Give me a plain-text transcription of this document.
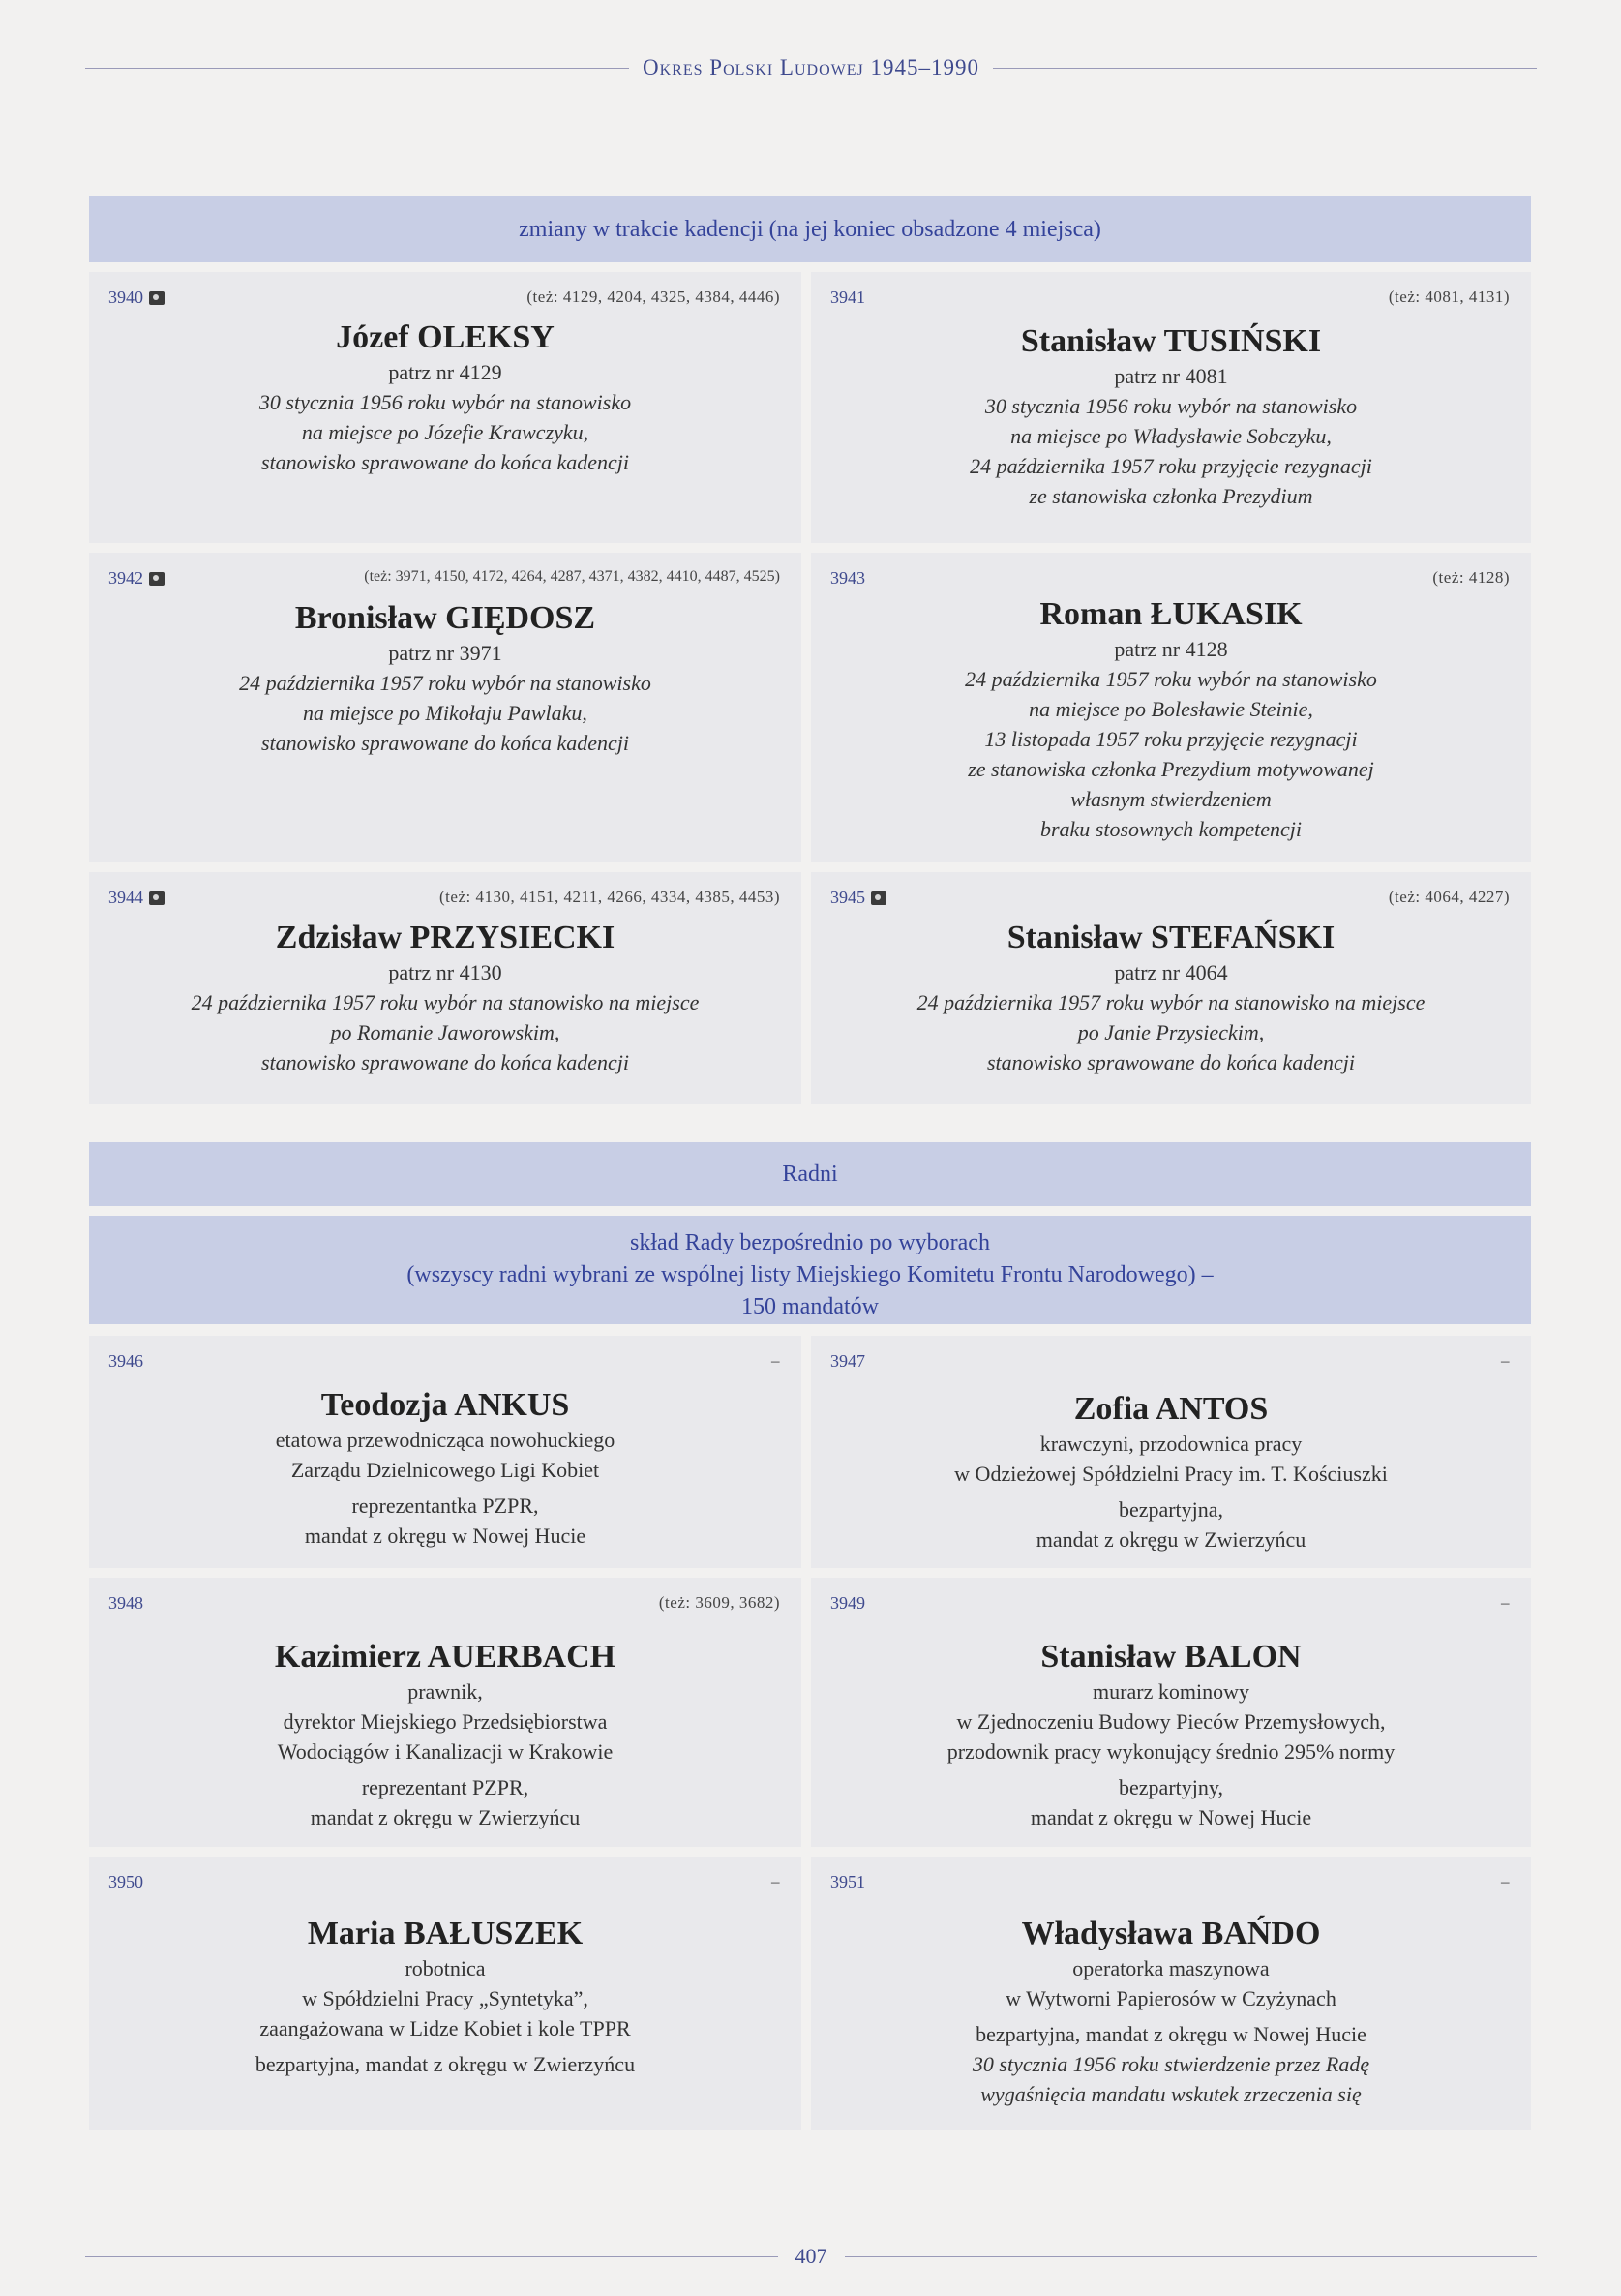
Okres Polski Ludowej 1945–1990
zmiany w trakcie kadencji (na jej koniec obsadzone 4 miejsca)
3940	(też: 4129, 4204, 4325, 4384, 4446)
Józef OLEKSY
patrz nr 4129
30 stycznia 1956 roku wybór na stanowisko
na miejsce po Józefie Krawczyku,
stanowisko sprawowane do końca kadencji
3941	(też: 4081, 4131)
Stanisław TUSIŃSKI
patrz nr 4081
30 stycznia 1956 roku wybór na stanowisko
na miejsce po Władysławie Sobczyku,
24 października 1957 roku przyjęcie rezygnacji
ze stanowiska członka Prezydium
3942	(też: 3971, 4150, 4172, 4264, 4287, 4371, 4382, 4410, 4487, 4525)
Bronisław GIĘDOSZ
patrz nr 3971
24 października 1957 roku wybór na stanowisko
na miejsce po Mikołaju Pawlaku,
stanowisko sprawowane do końca kadencji
3943	(też: 4128)
Roman ŁUKASIK
patrz nr 4128
24 października 1957 roku wybór na stanowisko
na miejsce po Bolesławie Steinie,
13 listopada 1957 roku przyjęcie rezygnacji
ze stanowiska członka Prezydium motywowanej
własnym stwierdzeniem
braku stosownych kompetencji
3944	(też: 4130, 4151, 4211, 4266, 4334, 4385, 4453)
Zdzisław PRZYSIECKI
patrz nr 4130
24 października 1957 roku wybór na stanowisko na miejsce
po Romanie Jaworowskim,
stanowisko sprawowane do końca kadencji
3945	(też: 4064, 4227)
Stanisław STEFAŃSKI
patrz nr 4064
24 października 1957 roku wybór na stanowisko na miejsce
po Janie Przysieckim,
stanowisko sprawowane do końca kadencji
Radni
skład Rady bezpośrednio po wyborach
(wszyscy radni wybrani ze wspólnej listy Miejskiego Komitetu Frontu Narodowego) –
150 mandatów
3946	–
Teodozja ANKUS
etatowa przewodnicząca nowohuckiego
Zarządu Dzielnicowego Ligi Kobiet
reprezentantka PZPR,
mandat z okręgu w Nowej Hucie
3947	–
Zofia ANTOS
krawczyni, przodownica pracy
w Odzieżowej Spółdzielni Pracy im. T. Kościuszki
bezpartyjna,
mandat z okręgu w Zwierzyńcu
3948	(też: 3609, 3682)
Kazimierz AUERBACH
prawnik,
dyrektor Miejskiego Przedsiębiorstwa
Wodociągów i Kanalizacji w Krakowie
reprezentant PZPR,
mandat z okręgu w Zwierzyńcu
3949	–
Stanisław BALON
murarz kominowy
w Zjednoczeniu Budowy Pieców Przemysłowych,
przodownik pracy wykonujący średnio 295% normy
bezpartyjny,
mandat z okręgu w Nowej Hucie
3950	–
Maria BAŁUSZEK
robotnica
w Spółdzielni Pracy „Syntetyka”,
zaangażowana w Lidze Kobiet i kole TPPR
bezpartyjna, mandat z okręgu w Zwierzyńcu
3951	–
Władysława BAŃDO
operatorka maszynowa
w Wytworni Papierosów w Czyżynach
bezpartyjna, mandat z okręgu w Nowej Hucie
30 stycznia 1956 roku stwierdzenie przez Radę
wygaśnięcia mandatu wskutek zrzeczenia się
407
